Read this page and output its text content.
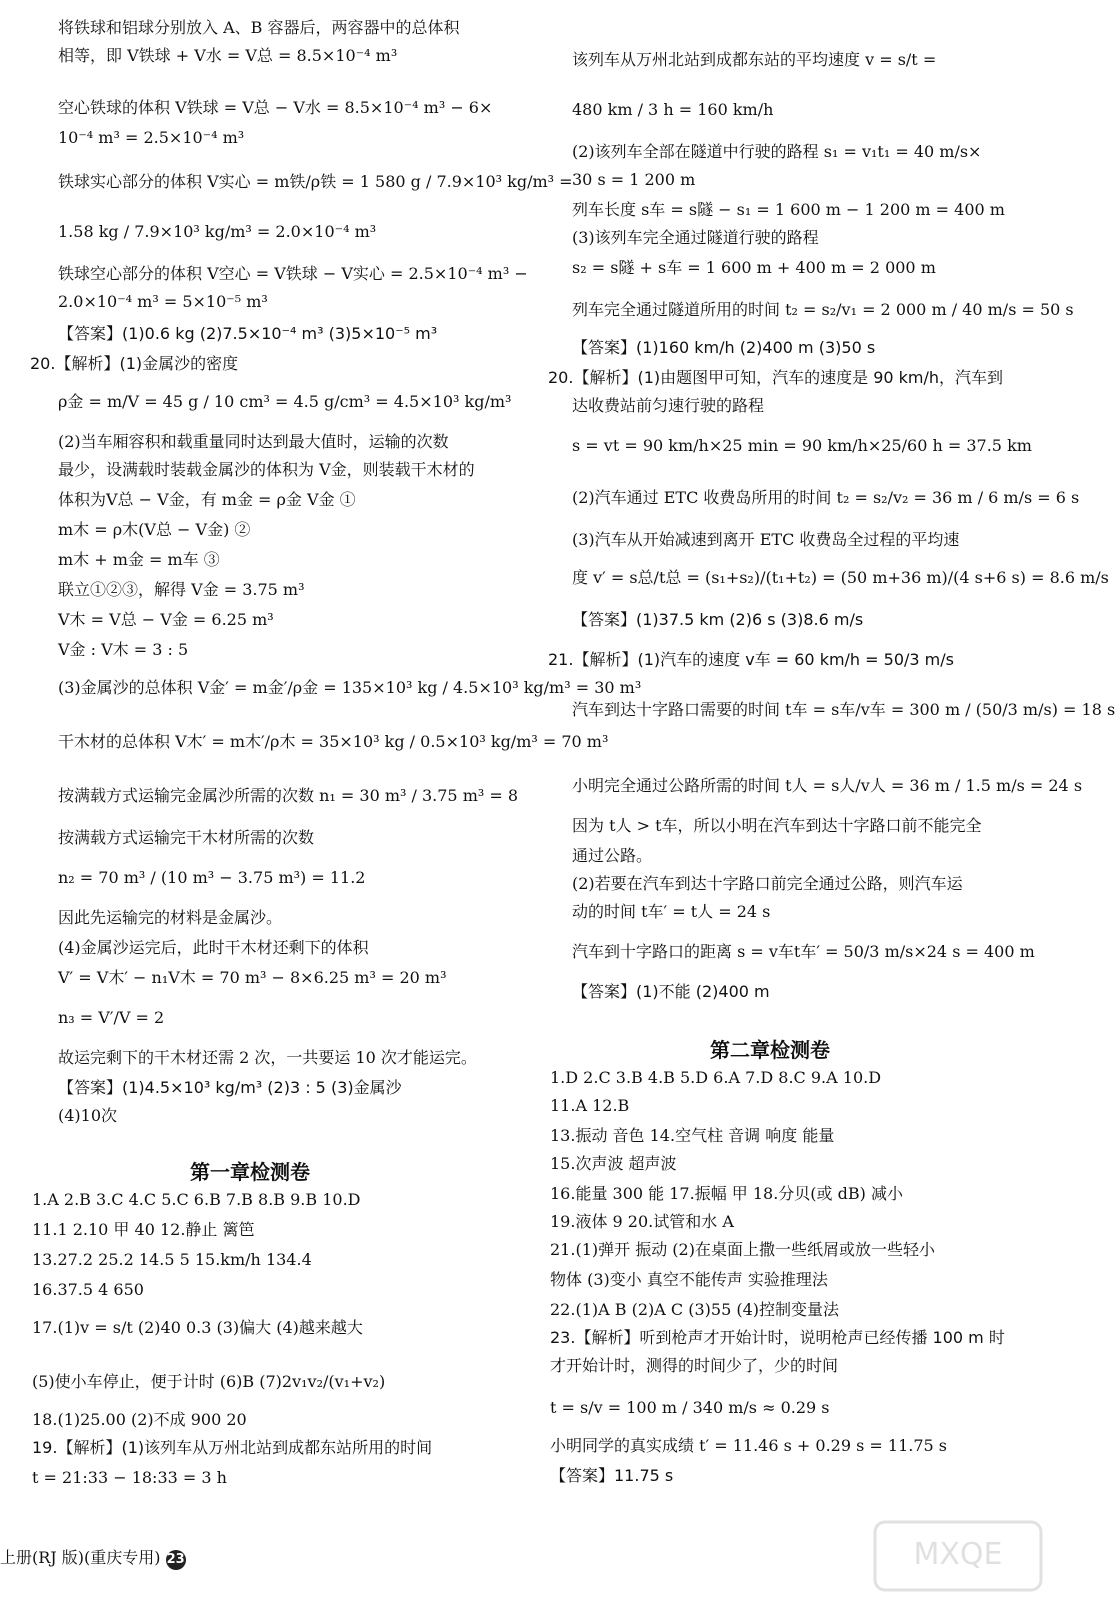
将铁球和铝球分别放入 A、B 容器后，两容器中的总体积
相等，即 V铁球 + V水 = V总 = 8.5×10⁻⁴ m³
空心铁球的体积 V铁球 = V总 − V水 = 8.5×10⁻⁴ m³ − 6×
10⁻⁴ m³ = 2.5×10⁻⁴ m³
铁球实心部分的体积 V实心 = m铁/ρ铁 = 1 580 g / 7.9×10³ kg/m³ =
1.58 kg / 7.9×10³ kg/m³ = 2.0×10⁻⁴ m³
铁球空心部分的体积 V空心 = V铁球 − V实心 = 2.5×10⁻⁴ m³ −
2.0×10⁻⁴ m³ = 5×10⁻⁵ m³
【答案】(1)0.6 kg (2)7.5×10⁻⁴ m³ (3)5×10⁻⁵ m³
20.【解析】(1)金属沙的密度
ρ金 = m/V = 45 g / 10 cm³ = 4.5 g/cm³ = 4.5×10³ kg/m³
(2)当车厢容积和载重量同时达到最大值时，运输的次数
最少，设满载时装载金属沙的体积为 V金，则装载干木材的
体积为V总 − V金，有 m金 = ρ金 V金 ①
m木 = ρ木(V总 − V金) ②
m木 + m金 = m车 ③
联立①②③，解得 V金 = 3.75 m³
V木 = V总 − V金 = 6.25 m³
V金 : V木 = 3 : 5
(3)金属沙的总体积 V金′ = m金′/ρ金 = 135×10³ kg / 4.5×10³ kg/m³ = 30 m³
干木材的总体积 V木′ = m木′/ρ木 = 35×10³ kg / 0.5×10³ kg/m³ = 70 m³
按满载方式运输完金属沙所需的次数 n₁ = 30 m³ / 3.75 m³ = 8
按满载方式运输完干木材所需的次数
n₂ = 70 m³ / (10 m³ − 3.75 m³) = 11.2
因此先运输完的材料是金属沙。
(4)金属沙运完后，此时干木材还剩下的体积
V′ = V木′ − n₁V木 = 70 m³ − 8×6.25 m³ = 20 m³
n₃ = V′/V = 2
故运完剩下的干木材还需 2 次，一共要运 10 次才能运完。
【答案】(1)4.5×10³ kg/m³ (2)3 : 5 (3)金属沙
(4)10次
1.A 2.B 3.C 4.C 5.C 6.B 7.B 8.B 9.B 10.D
11.1 2.10 甲 40 12.静止 篱笆
13.27.2 25.2 14.5 5 15.km/h 134.4
16.37.5 4 650
17.(1)v = s/t (2)40 0.3 (3)偏大 (4)越来越大
(5)使小车停止，便于计时 (6)B (7)2v₁v₂/(v₁+v₂)
18.(1)25.00 (2)不成 900 20
19.【解析】(1)该列车从万州北站到成都东站所用的时间
t = 21:33 − 18:33 = 3 h
第一章检测卷
该列车从万州北站到成都东站的平均速度 v = s/t =
480 km / 3 h = 160 km/h
(2)该列车全部在隧道中行驶的路程 s₁ = v₁t₁ = 40 m/s×
30 s = 1 200 m
列车长度 s车 = s隧 − s₁ = 1 600 m − 1 200 m = 400 m
(3)该列车完全通过隧道行驶的路程
s₂ = s隧 + s车 = 1 600 m + 400 m = 2 000 m
列车完全通过隧道所用的时间 t₂ = s₂/v₁ = 2 000 m / 40 m/s = 50 s
【答案】(1)160 km/h (2)400 m (3)50 s
20.【解析】(1)由题图甲可知，汽车的速度是 90 km/h，汽车到
达收费站前匀速行驶的路程
s = vt = 90 km/h×25 min = 90 km/h×25/60 h = 37.5 km
(2)汽车通过 ETC 收费岛所用的时间 t₂ = s₂/v₂ = 36 m / 6 m/s = 6 s
(3)汽车从开始减速到离开 ETC 收费岛全过程的平均速
度 v′ = s总/t总 = (s₁+s₂)/(t₁+t₂) = (50 m+36 m)/(4 s+6 s) = 8.6 m/s
【答案】(1)37.5 km (2)6 s (3)8.6 m/s
21.【解析】(1)汽车的速度 v车 = 60 km/h = 50/3 m/s
汽车到达十字路口需要的时间 t车 = s车/v车 = 300 m / (50/3 m/s) = 18 s
小明完全通过公路所需的时间 t人 = s人/v人 = 36 m / 1.5 m/s = 24 s
因为 t人 > t车，所以小明在汽车到达十字路口前不能完全
通过公路。
(2)若要在汽车到达十字路口前完全通过公路，则汽车运
动的时间 t车′ = t人 = 24 s
汽车到十字路口的距离 s = v车t车′ = 50/3 m/s×24 s = 400 m
【答案】(1)不能 (2)400 m
1.D 2.C 3.B 4.B 5.D 6.A 7.D 8.C 9.A 10.D
11.A 12.B
13.振动 音色 14.空气柱 音调 响度 能量
15.次声波 超声波
16.能量 300 能 17.振幅 甲 18.分贝(或 dB) 减小
19.液体 9 20.试管和水 A
21.(1)弹开 振动 (2)在桌面上撒一些纸屑或放一些轻小
物体 (3)变小 真空不能传声 实验推理法
22.(1)A B (2)A C (3)55 (4)控制变量法
23.【解析】听到枪声才开始计时，说明枪声已经传播 100 m 时
才开始计时，测得的时间少了，少的时间
t = s/v = 100 m / 340 m/s ≈ 0.29 s
小明同学的真实成绩 t′ = 11.46 s + 0.29 s = 11.75 s
【答案】11.75 s
第二章检测卷
上册(RJ 版)(重庆专用) 23	MXQE
